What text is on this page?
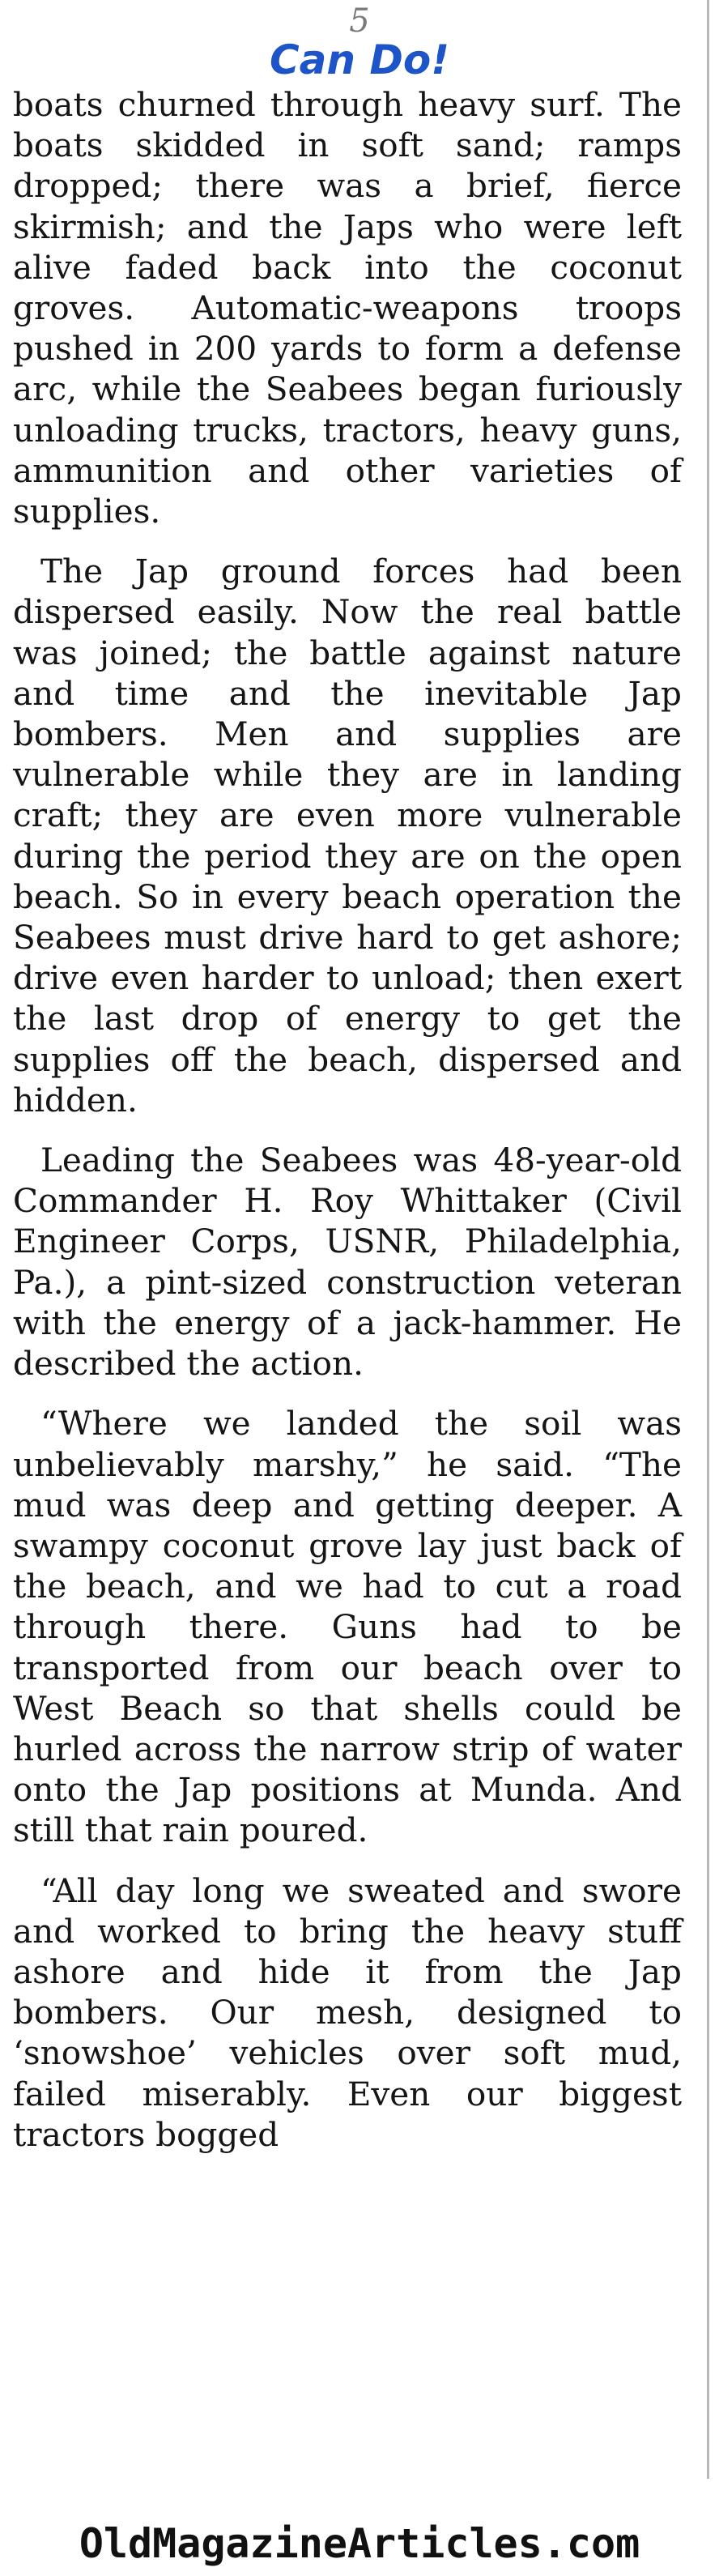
5
Can Do!

boats churned through heavy surf. The boats skidded in soft sand; ramps dropped; there was a brief, fierce skirmish; and the Japs who were left alive faded back into the coconut groves. Automatic-weapons troops pushed in 200 yards to form a defense arc, while the Seabees began furiously unloading trucks, tractors, heavy guns, ammunition and other varieties of supplies.

The Jap ground forces had been dispersed easily. Now the real battle was joined; the battle against nature and time and the inevitable Jap bombers. Men and supplies are vulnerable while they are in landing craft; they are even more vulnerable during the period they are on the open beach. So in every beach operation the Seabees must drive hard to get ashore; drive even harder to unload; then exert the last drop of energy to get the supplies off the beach, dispersed and hidden.

Leading the Seabees was 48-year-old Commander H. Roy Whittaker (Civil Engineer Corps, USNR, Philadelphia, Pa.), a pint-sized construction veteran with the energy of a jack-hammer. He described the action.

“Where we landed the soil was unbelievably marshy,” he said. “The mud was deep and getting deeper. A swampy coconut grove lay just back of the beach, and we had to cut a road through there. Guns had to be transported from our beach over to West Beach so that shells could be hurled across the narrow strip of water onto the Jap positions at Munda. And still that rain poured.

“All day long we sweated and swore and worked to bring the heavy stuff ashore and hide it from the Jap bombers. Our mesh, designed to ‘snowshoe’ vehicles over soft mud, failed miserably. Even our biggest tractors bogged

OldMagazineArticles.com
